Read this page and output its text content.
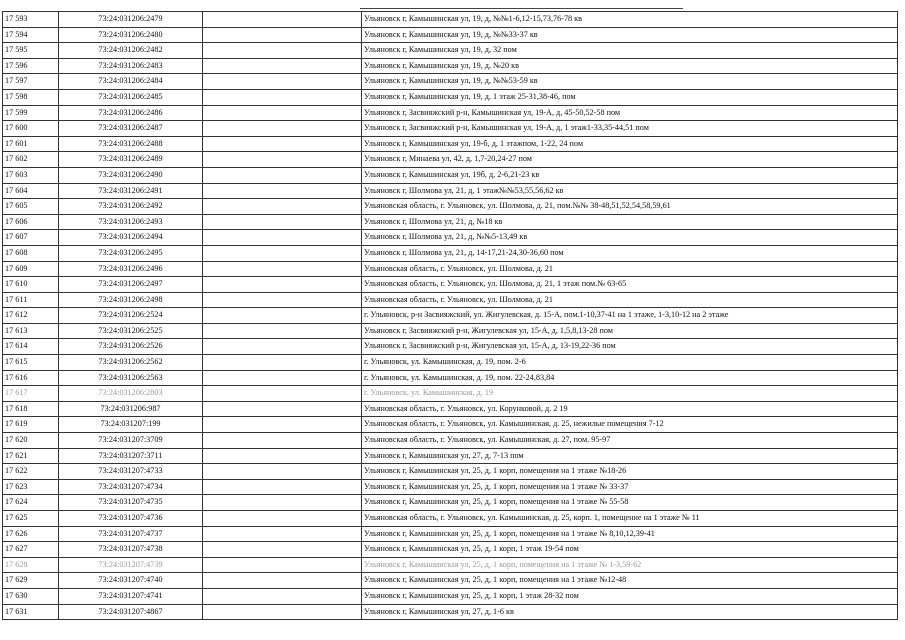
17 593	73:24:031206:2479		Ульяновск г, Камышинская ул, 19, д, №№1-6,12-15,73,76-78 кв
17 594	73:24:031206:2480		Ульяновск г, Камышинская ул, 19, д, №№33-37 кв
17 595	73:24:031206:2482		Ульяновск г, Камышинская ул, 19, д, 32 пом
17 596	73:24:031206:2483		Ульяновск г, Камышинская ул, 19, д, №20 кв
17 597	73:24:031206:2484		Ульяновск г, Камышинская ул, 19, д, №№53-59 кв
17 598	73:24:031206:2485		Ульяновск г, Камышинская ул, 19, д, 1 этаж 25-31,38-46, пом
17 599	73:24:031206:2486		Ульяновск г, Засвияжский р-н, Камышинская ул, 19-А, д, 45-50,52-58 пом
17 600	73:24:031206:2487		Ульяновск г, Засвияжский р-н, Камышинская ул, 19-А, д, 1 этаж1-33,35-44,51 пом
17 601	73:24:031206:2488		Ульяновск г, Камышинская ул, 19-б, д, 1 этажпом, 1-22, 24 пом
17 602	73:24:031206:2489		Ульяновск г, Минаева ул, 42, д, 1,7-20,24-27 пом
17 603	73:24:031206:2490		Ульяновск г, Камышинская ул, 19б, д, 2-6,21-23 кв
17 604	73:24:031206:2491		Ульяновск г, Шолмова ул, 21, д, 1 этаж№№53,55,56,62 кв
17 605	73:24:031206:2492		Ульяновская область, г. Ульяновск, ул. Шолмова, д. 21, пом.№№ 38-48,51,52,54,58,59,61
17 606	73:24:031206:2493		Ульяновск г, Шолмова ул, 21, д, №18 кв
17 607	73:24:031206:2494		Ульяновск г, Шолмова ул, 21, д, №№5-13,49 кв
17 608	73:24:031206:2495		Ульяновск г, Шолмова ул, 21, д, 14-17,21-24,30-36,60 пом
17 609	73:24:031206:2496		Ульяновская область, г. Ульяновск, ул. Шолмова, д. 21
17 610	73:24:031206:2497		Ульяновская область, г. Ульяновск, ул. Шолмова, д. 21, 1 этаж пом.№ 63-65
17 611	73:24:031206:2498		Ульяновская область, г. Ульяновск, ул. Шолмова, д. 21
17 612	73:24:031206:2524		г. Ульяновск, р-н Засвияжский, ул. Жигулевская, д. 15-А, пом.1-10,37-41 на 1 этаже, 1-3,10-12 на 2 этаже
17 613	73:24:031206:2525		Ульяновск г, Засвияжский р-н, Жигулевская ул, 15-А, д, 1,5,8,13-28 пом
17 614	73:24:031206:2526		Ульяновск г, Засвияжский р-н, Жигулевская ул, 15-А, д, 13-19,22-36 пом
17 615	73:24:031206:2562		г. Ульяновск, ул. Камышинская, д. 19, пом. 2-6
17 616	73:24:031206:2563		г. Ульяновск, ул. Камышинская, д. 19, пом. 22-24,83,84
17 617	73:24:031206:2803		г. Ульяновск, ул. Камышинская, д. 19
17 618	73:24:031206:987		Ульяновская область, г. Ульяновск, ул. Корунковой, д. 2 19
17 619	73:24:031207:199		Ульяновская область, г. Ульяновск, ул. Камышинская, д. 25, нежилые помещения 7-12
17 620	73:24:031207:3709		Ульяновская область, г. Ульяновск, ул. Камышинская, д. 27, пом. 95-97
17 621	73:24:031207:3711		Ульяновск г, Камышинская ул, 27, д, 7-13 пом
17 622	73:24:031207:4733		Ульяновск г, Камышинская ул, 25, д, 1 корп, помещения на 1 этаже №18-26
17 623	73:24:031207:4734		Ульяновск г, Камышинская ул, 25, д, 1 корп, помещения на 1 этаже № 33-37
17 624	73:24:031207:4735		Ульяновск г, Камышинская ул, 25, д, 1 корп, помещения на 1 этаже № 55-58
17 625	73:24:031207:4736		Ульяновская область, г. Ульяновск, ул. Камышинская, д. 25, корп. 1, помещение на 1 этаже № 11
17 626	73:24:031207:4737		Ульяновск г, Камышинская ул, 25, д, 1 корп, помещения на 1 этаже № 8,10,12,39-41
17 627	73:24:031207:4738		Ульяновск г, Камышинская ул, 25, д, 1 корп, 1 этаж 19-54 пом
17 628	73:24:031207:4739		Ульяновск г, Камышинская ул, 25, д, 1 корп, помещения на 1 этаже № 1-3,59-62
17 629	73:24:031207:4740		Ульяновск г, Камышинская ул, 25, д, 1 корп, помещения на 1 этаже №12-48
17 630	73:24:031207:4741		Ульяновск г, Камышинская ул, 25, д, 1 корп, 1 этаж 28-32 пом
17 631	73:24:031207:4867		Ульяновск г, Камышинская ул, 27, д, 1-6 кв
